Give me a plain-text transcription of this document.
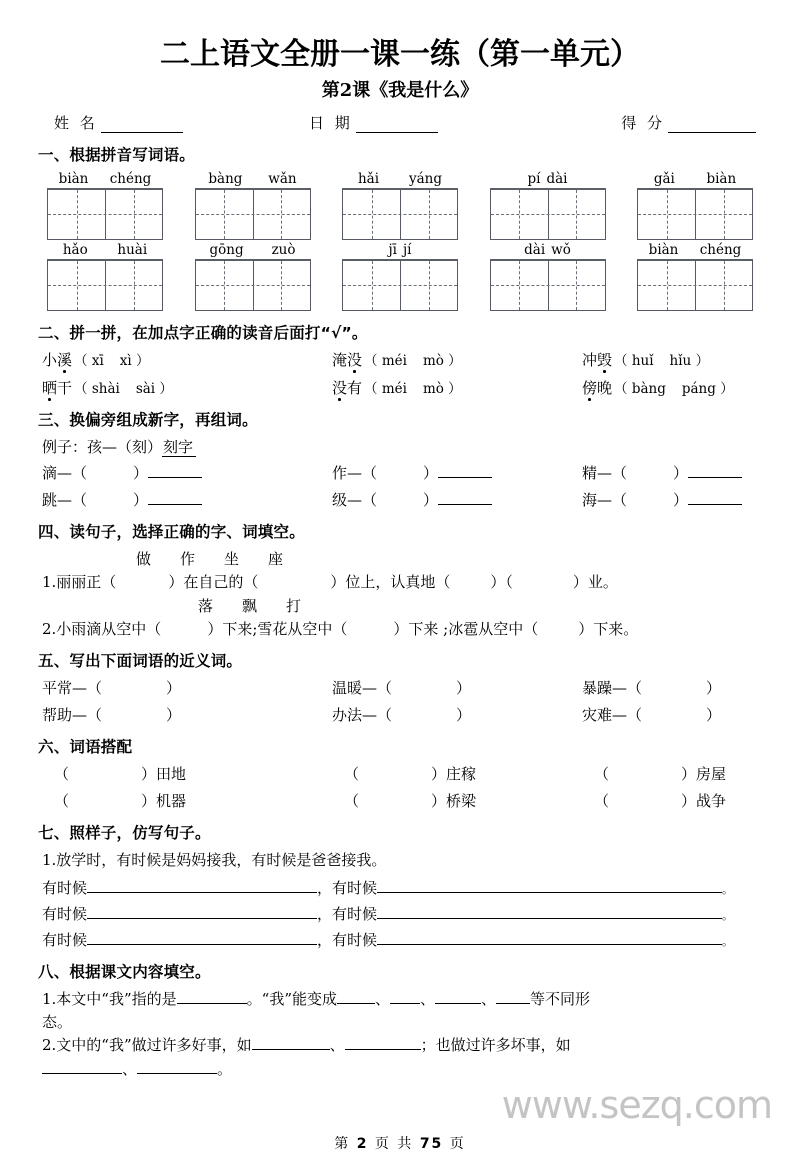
二上语文全册一课一练（第一单元）
第2课《我是什么》
姓 名	日 期	得 分
一、根据拼音写词语。
biàn chéng	bàng wǎn	hǎi yáng	pí dài	gǎi biàn
hǎo huài	gōng zuò	jī jí	dài wǒ	biàn chéng
二、拼一拼，在加点字正确的读音后面打“√”。
小 溪 （ xī xì ）	淹 没 （ méi mò ）	冲 毁 （ huǐ hǐu ）
晒 干 （ shài sài ）	没 有 （ méi mò ）	傍 晚 （ bàng páng ）
三、换偏旁组成新字，再组词。
例子：孩—（刻）刻字
滴—（	）	作—（	）	精—（	）
跳—（	）	级—（	）	海—（	）
四、读句子，选择正确的字、词填空。
做 作 坐 座
1.丽丽正（	）在自己的（	）位上，认真地（	）（	）业。
落 飘 打
2.小雨滴从空中（	）下来;雪花从空中（	）下来 ;冰雹从空中（	）下来。
五、写出下面词语的近义词。
平常—（	）	温暖—（	）	暴躁—（	）
帮助—（	）	办法—（	）	灾难—（	）
六、词语搭配
（	） 田地	（	） 庄稼	（	） 房屋
（	） 机器	（	） 桥梁	（	） 战争
七、照样子，仿写句子。
1.放学时，有时候是妈妈接我，有时候是爸爸接我。
有时候	， 有时候	。
有时候	， 有时候	。
有时候	， 有时候	。
八、根据课文内容填空。
1.本文中“我”指的是	。“我”能变成	、 、	、 等不同形
态。
2.文中的“我”做过许多好事，如	、	；也做过许多坏事，如
、	。
www.sezq.com
第 2 页 共 75 页
